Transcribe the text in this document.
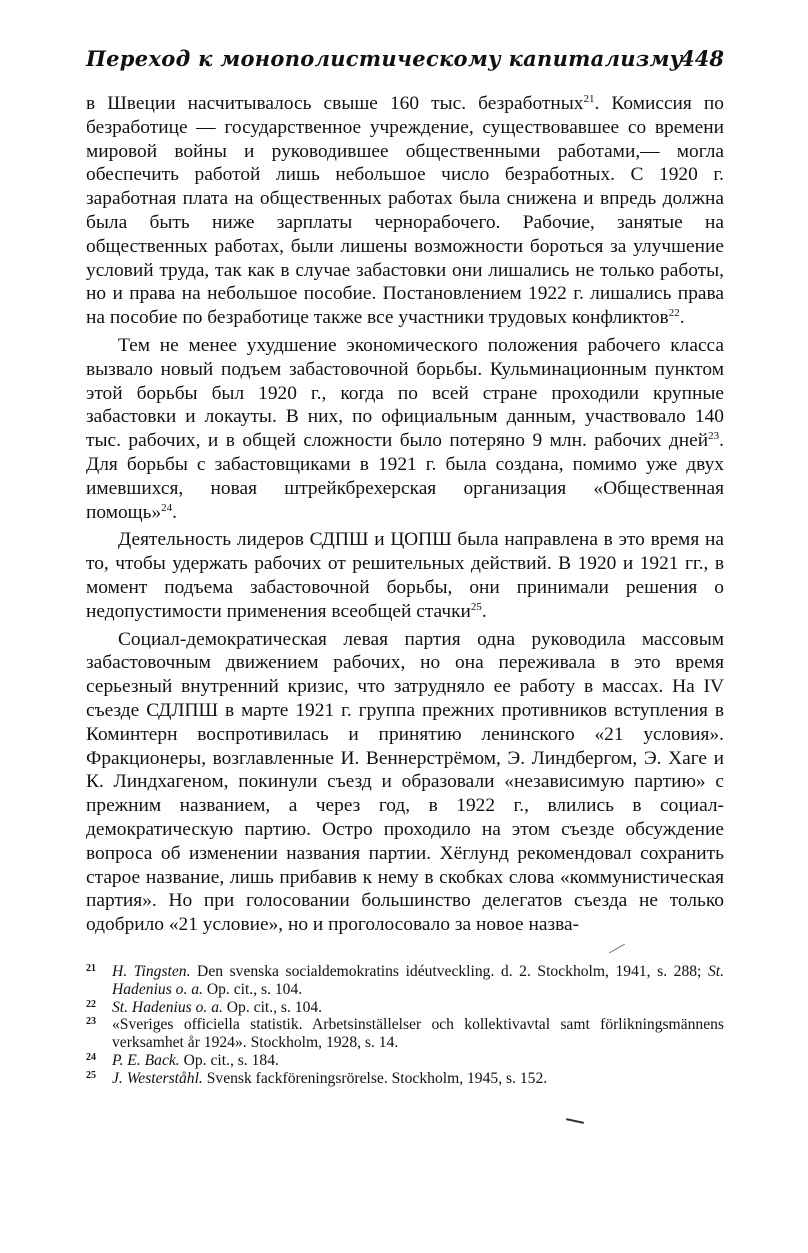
Переход к монополистическому капитализму
448

в Швеции насчитывалось свыше 160 тыс. безработных$^{21}$. Комиссия по безработице — государственное учреждение, существовавшее со времени мировой войны и руководившее общественными работами,— могла обеспечить работой лишь небольшое число безработных. С 1920 г. заработная плата на общественных работах была снижена и впредь должна была быть ниже зарплаты чернорабочего. Рабочие, занятые на общественных работах, были лишены возможности бороться за улучшение условий труда, так как в случае забастовки они лишались не только работы, но и права на небольшое пособие. Постановлением 1922 г. лишались права на пособие по безработице также все участники трудовых конфликтов$^{22}$.

Тем не менее ухудшение экономического положения рабочего класса вызвало новый подъем забастовочной борьбы. Кульминационным пунктом этой борьбы был 1920 г., когда по всей стране проходили крупные забастовки и локауты. В них, по официальным данным, участвовало 140 тыс. рабочих, и в общей сложности было потеряно 9 млн. рабочих дней$^{23}$. Для борьбы с забастовщиками в 1921 г. была создана, помимо уже двух имевшихся, новая штрейкбрехерская организация «Общественная помощь»$^{24}$.

Деятельность лидеров СДПШ и ЦОПШ была направлена в это время на то, чтобы удержать рабочих от решительных действий. В 1920 и 1921 гг., в момент подъема забастовочной борьбы, они принимали решения о недопустимости применения всеобщей стачки$^{25}$.

Социал-демократическая левая партия одна руководила массовым забастовочным движением рабочих, но она переживала в это время серьезный внутренний кризис, что затрудняло ее работу в массах. На IV съезде СДЛПШ в марте 1921 г. группа прежних противников вступления в Коминтерн воспротивилась и принятию ленинского «21 условия». Фракционеры, возглавленные И. Веннерстрёмом, Э. Линдбергом, Э. Хаге и К. Линдхагеном, покинули съезд и образовали «независимую партию» с прежним названием, а через год, в 1922 г., влились в социал-демократическую партию. Остро проходило на этом съезде обсуждение вопроса об изменении названия партии. Хёглунд рекомендовал сохранить старое название, лишь прибавив к нему в скобках слова «коммунистическая партия». Но при голосовании большинство делегатов съезда не только одобрило «21 условие», но и проголосовало за новое назва-

21 H. Tingsten. Den svenska socialdemokratins idéutveckling. d. 2. Stockholm, 1941, s. 288; St. Hadenius o. a. Op. cit., s. 104.
22 St. Hadenius o. a. Op. cit., s. 104.
23 «Sveriges officiella statistik. Arbetsinställelser och kollektivavtal samt förlikningsmännens verksamhet år 1924». Stockholm, 1928, s. 14.
24 P. E. Back. Op. cit., s. 184.
25 J. Westerståhl. Svensk fackföreningsrörelse. Stockholm, 1945, s. 152.
